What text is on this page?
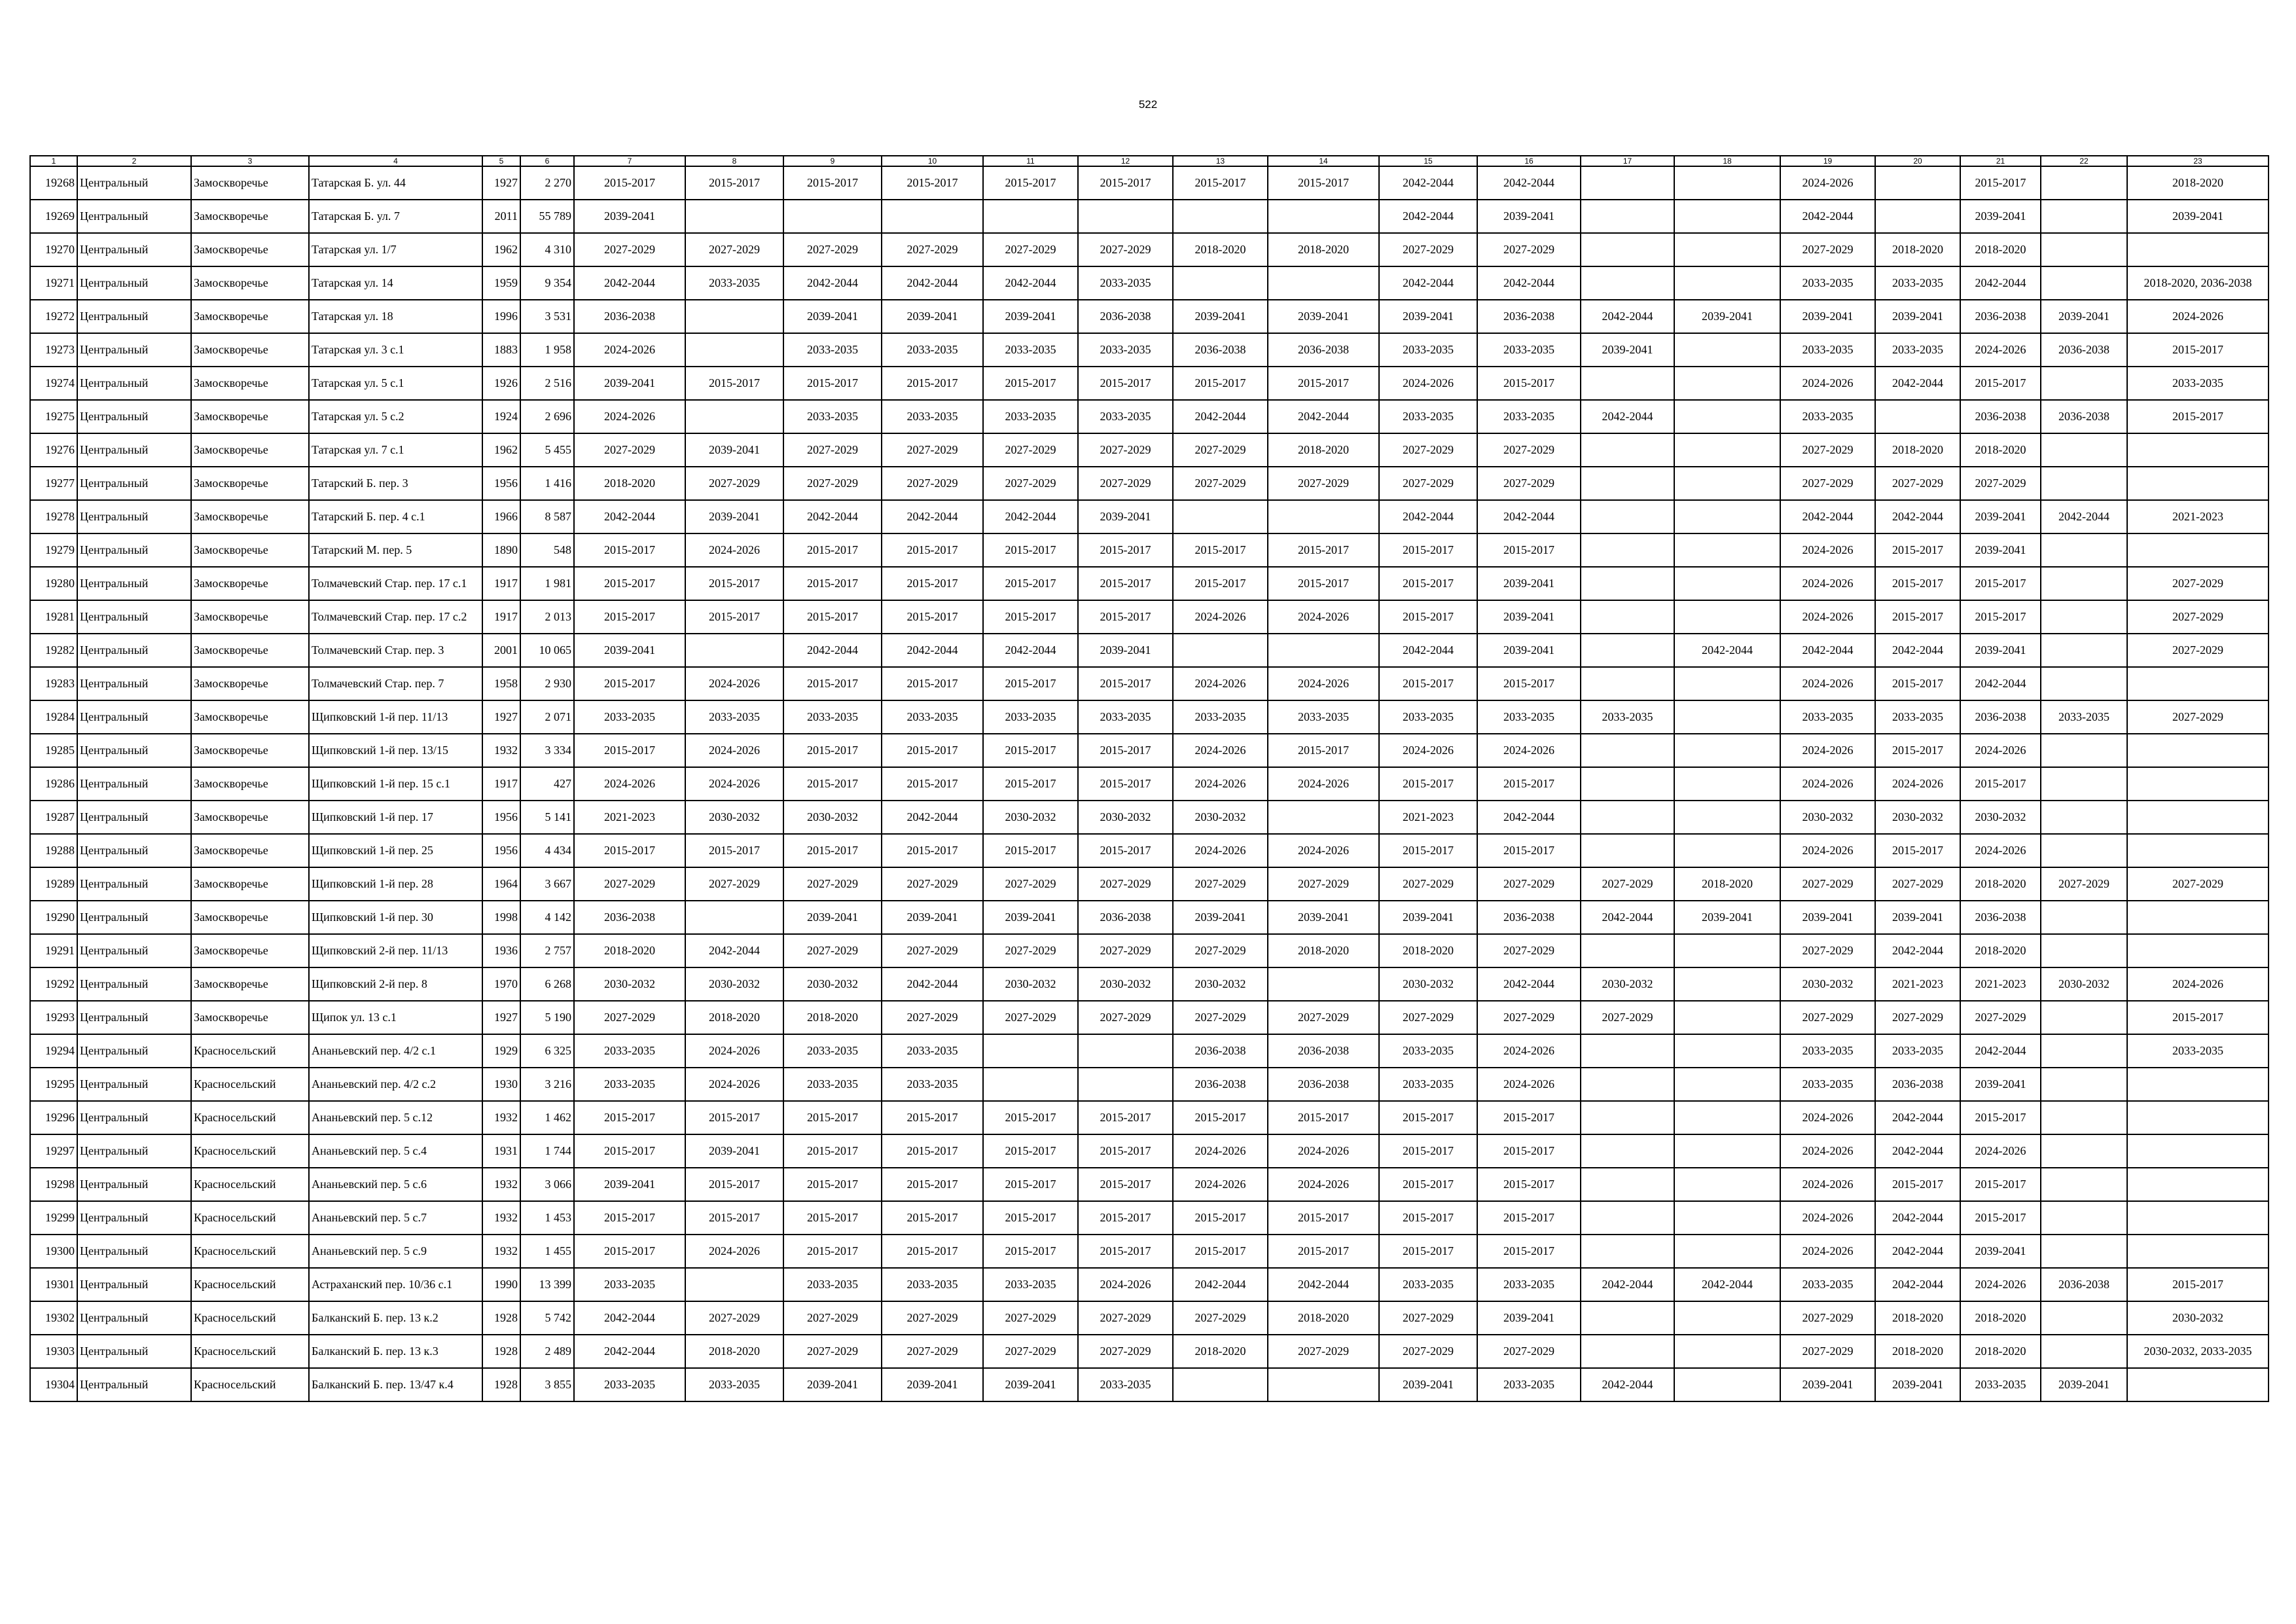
522
1	2	3	4	5	6	7	8	9	10	11	12	13	14	15	16	17	18	19	20	21	22	23
19268	Центральный	Замоскворечье	Татарская Б. ул. 44	1927	2 270	2015-2017	2015-2017	2015-2017	2015-2017	2015-2017	2015-2017	2015-2017	2015-2017	2042-2044	2042-2044			2024-2026		2015-2017		2018-2020
19269	Центральный	Замоскворечье	Татарская Б. ул. 7	2011	55 789	2039-2041								2042-2044	2039-2041			2042-2044		2039-2041		2039-2041
19270	Центральный	Замоскворечье	Татарская ул. 1/7	1962	4 310	2027-2029	2027-2029	2027-2029	2027-2029	2027-2029	2027-2029	2018-2020	2018-2020	2027-2029	2027-2029			2027-2029	2018-2020	2018-2020		
19271	Центральный	Замоскворечье	Татарская ул. 14	1959	9 354	2042-2044	2033-2035	2042-2044	2042-2044	2042-2044	2033-2035			2042-2044	2042-2044			2033-2035	2033-2035	2042-2044		2018-2020, 2036-2038
19272	Центральный	Замоскворечье	Татарская ул. 18	1996	3 531	2036-2038		2039-2041	2039-2041	2039-2041	2036-2038	2039-2041	2039-2041	2039-2041	2036-2038	2042-2044	2039-2041	2039-2041	2039-2041	2036-2038	2039-2041	2024-2026
19273	Центральный	Замоскворечье	Татарская ул. 3 с.1	1883	1 958	2024-2026		2033-2035	2033-2035	2033-2035	2033-2035	2036-2038	2036-2038	2033-2035	2033-2035	2039-2041		2033-2035	2033-2035	2024-2026	2036-2038	2015-2017
19274	Центральный	Замоскворечье	Татарская ул. 5 с.1	1926	2 516	2039-2041	2015-2017	2015-2017	2015-2017	2015-2017	2015-2017	2015-2017	2015-2017	2024-2026	2015-2017			2024-2026	2042-2044	2015-2017		2033-2035
19275	Центральный	Замоскворечье	Татарская ул. 5 с.2	1924	2 696	2024-2026		2033-2035	2033-2035	2033-2035	2033-2035	2042-2044	2042-2044	2033-2035	2033-2035	2042-2044		2033-2035		2036-2038	2036-2038	2015-2017
19276	Центральный	Замоскворечье	Татарская ул. 7 с.1	1962	5 455	2027-2029	2039-2041	2027-2029	2027-2029	2027-2029	2027-2029	2027-2029	2018-2020	2027-2029	2027-2029			2027-2029	2018-2020	2018-2020		
19277	Центральный	Замоскворечье	Татарский Б. пер. 3	1956	1 416	2018-2020	2027-2029	2027-2029	2027-2029	2027-2029	2027-2029	2027-2029	2027-2029	2027-2029	2027-2029			2027-2029	2027-2029	2027-2029		
19278	Центральный	Замоскворечье	Татарский Б. пер. 4 с.1	1966	8 587	2042-2044	2039-2041	2042-2044	2042-2044	2042-2044	2039-2041			2042-2044	2042-2044			2042-2044	2042-2044	2039-2041	2042-2044	2021-2023
19279	Центральный	Замоскворечье	Татарский М. пер. 5	1890	548	2015-2017	2024-2026	2015-2017	2015-2017	2015-2017	2015-2017	2015-2017	2015-2017	2015-2017	2015-2017			2024-2026	2015-2017	2039-2041		
19280	Центральный	Замоскворечье	Толмачевский Стар. пер. 17 с.1	1917	1 981	2015-2017	2015-2017	2015-2017	2015-2017	2015-2017	2015-2017	2015-2017	2015-2017	2015-2017	2039-2041			2024-2026	2015-2017	2015-2017		2027-2029
19281	Центральный	Замоскворечье	Толмачевский Стар. пер. 17 с.2	1917	2 013	2015-2017	2015-2017	2015-2017	2015-2017	2015-2017	2015-2017	2024-2026	2024-2026	2015-2017	2039-2041			2024-2026	2015-2017	2015-2017		2027-2029
19282	Центральный	Замоскворечье	Толмачевский Стар. пер. 3	2001	10 065	2039-2041		2042-2044	2042-2044	2042-2044	2039-2041			2042-2044	2039-2041		2042-2044	2042-2044	2042-2044	2039-2041		2027-2029
19283	Центральный	Замоскворечье	Толмачевский Стар. пер. 7	1958	2 930	2015-2017	2024-2026	2015-2017	2015-2017	2015-2017	2015-2017	2024-2026	2024-2026	2015-2017	2015-2017			2024-2026	2015-2017	2042-2044		
19284	Центральный	Замоскворечье	Щипковский 1-й пер. 11/13	1927	2 071	2033-2035	2033-2035	2033-2035	2033-2035	2033-2035	2033-2035	2033-2035	2033-2035	2033-2035	2033-2035	2033-2035		2033-2035	2033-2035	2036-2038	2033-2035	2027-2029
19285	Центральный	Замоскворечье	Щипковский 1-й пер. 13/15	1932	3 334	2015-2017	2024-2026	2015-2017	2015-2017	2015-2017	2015-2017	2024-2026	2015-2017	2024-2026	2024-2026			2024-2026	2015-2017	2024-2026		
19286	Центральный	Замоскворечье	Щипковский 1-й пер. 15 с.1	1917	427	2024-2026	2024-2026	2015-2017	2015-2017	2015-2017	2015-2017	2024-2026	2024-2026	2015-2017	2015-2017			2024-2026	2024-2026	2015-2017		
19287	Центральный	Замоскворечье	Щипковский 1-й пер. 17	1956	5 141	2021-2023	2030-2032	2030-2032	2042-2044	2030-2032	2030-2032	2030-2032		2021-2023	2042-2044			2030-2032	2030-2032	2030-2032		
19288	Центральный	Замоскворечье	Щипковский 1-й пер. 25	1956	4 434	2015-2017	2015-2017	2015-2017	2015-2017	2015-2017	2015-2017	2024-2026	2024-2026	2015-2017	2015-2017			2024-2026	2015-2017	2024-2026		
19289	Центральный	Замоскворечье	Щипковский 1-й пер. 28	1964	3 667	2027-2029	2027-2029	2027-2029	2027-2029	2027-2029	2027-2029	2027-2029	2027-2029	2027-2029	2027-2029	2027-2029	2018-2020	2027-2029	2027-2029	2018-2020	2027-2029	2027-2029
19290	Центральный	Замоскворечье	Щипковский 1-й пер. 30	1998	4 142	2036-2038		2039-2041	2039-2041	2039-2041	2036-2038	2039-2041	2039-2041	2039-2041	2036-2038	2042-2044	2039-2041	2039-2041	2039-2041	2036-2038		
19291	Центральный	Замоскворечье	Щипковский 2-й пер. 11/13	1936	2 757	2018-2020	2042-2044	2027-2029	2027-2029	2027-2029	2027-2029	2027-2029	2018-2020	2018-2020	2027-2029			2027-2029	2042-2044	2018-2020		
19292	Центральный	Замоскворечье	Щипковский 2-й пер. 8	1970	6 268	2030-2032	2030-2032	2030-2032	2042-2044	2030-2032	2030-2032	2030-2032		2030-2032	2042-2044	2030-2032		2030-2032	2021-2023	2021-2023	2030-2032	2024-2026
19293	Центральный	Замоскворечье	Щипок ул. 13 с.1	1927	5 190	2027-2029	2018-2020	2018-2020	2027-2029	2027-2029	2027-2029	2027-2029	2027-2029	2027-2029	2027-2029	2027-2029		2027-2029	2027-2029	2027-2029		2015-2017
19294	Центральный	Красносельский	Ананьевский пер. 4/2 с.1	1929	6 325	2033-2035	2024-2026	2033-2035	2033-2035			2036-2038	2036-2038	2033-2035	2024-2026			2033-2035	2033-2035	2042-2044		2033-2035
19295	Центральный	Красносельский	Ананьевский пер. 4/2 с.2	1930	3 216	2033-2035	2024-2026	2033-2035	2033-2035			2036-2038	2036-2038	2033-2035	2024-2026			2033-2035	2036-2038	2039-2041		
19296	Центральный	Красносельский	Ананьевский пер. 5 с.12	1932	1 462	2015-2017	2015-2017	2015-2017	2015-2017	2015-2017	2015-2017	2015-2017	2015-2017	2015-2017	2015-2017			2024-2026	2042-2044	2015-2017		
19297	Центральный	Красносельский	Ананьевский пер. 5 с.4	1931	1 744	2015-2017	2039-2041	2015-2017	2015-2017	2015-2017	2015-2017	2024-2026	2024-2026	2015-2017	2015-2017			2024-2026	2042-2044	2024-2026		
19298	Центральный	Красносельский	Ананьевский пер. 5 с.6	1932	3 066	2039-2041	2015-2017	2015-2017	2015-2017	2015-2017	2015-2017	2024-2026	2024-2026	2015-2017	2015-2017			2024-2026	2015-2017	2015-2017		
19299	Центральный	Красносельский	Ананьевский пер. 5 с.7	1932	1 453	2015-2017	2015-2017	2015-2017	2015-2017	2015-2017	2015-2017	2015-2017	2015-2017	2015-2017	2015-2017			2024-2026	2042-2044	2015-2017		
19300	Центральный	Красносельский	Ананьевский пер. 5 с.9	1932	1 455	2015-2017	2024-2026	2015-2017	2015-2017	2015-2017	2015-2017	2015-2017	2015-2017	2015-2017	2015-2017			2024-2026	2042-2044	2039-2041		
19301	Центральный	Красносельский	Астраханский пер. 10/36 с.1	1990	13 399	2033-2035		2033-2035	2033-2035	2033-2035	2024-2026	2042-2044	2042-2044	2033-2035	2033-2035	2042-2044	2042-2044	2033-2035	2042-2044	2024-2026	2036-2038	2015-2017
19302	Центральный	Красносельский	Балканский Б. пер. 13 к.2	1928	5 742	2042-2044	2027-2029	2027-2029	2027-2029	2027-2029	2027-2029	2027-2029	2018-2020	2027-2029	2039-2041			2027-2029	2018-2020	2018-2020		2030-2032
19303	Центральный	Красносельский	Балканский Б. пер. 13 к.3	1928	2 489	2042-2044	2018-2020	2027-2029	2027-2029	2027-2029	2027-2029	2018-2020	2027-2029	2027-2029	2027-2029			2027-2029	2018-2020	2018-2020		2030-2032, 2033-2035
19304	Центральный	Красносельский	Балканский Б. пер. 13/47 к.4	1928	3 855	2033-2035	2033-2035	2039-2041	2039-2041	2039-2041	2033-2035			2039-2041	2033-2035	2042-2044		2039-2041	2039-2041	2033-2035	2039-2041	
